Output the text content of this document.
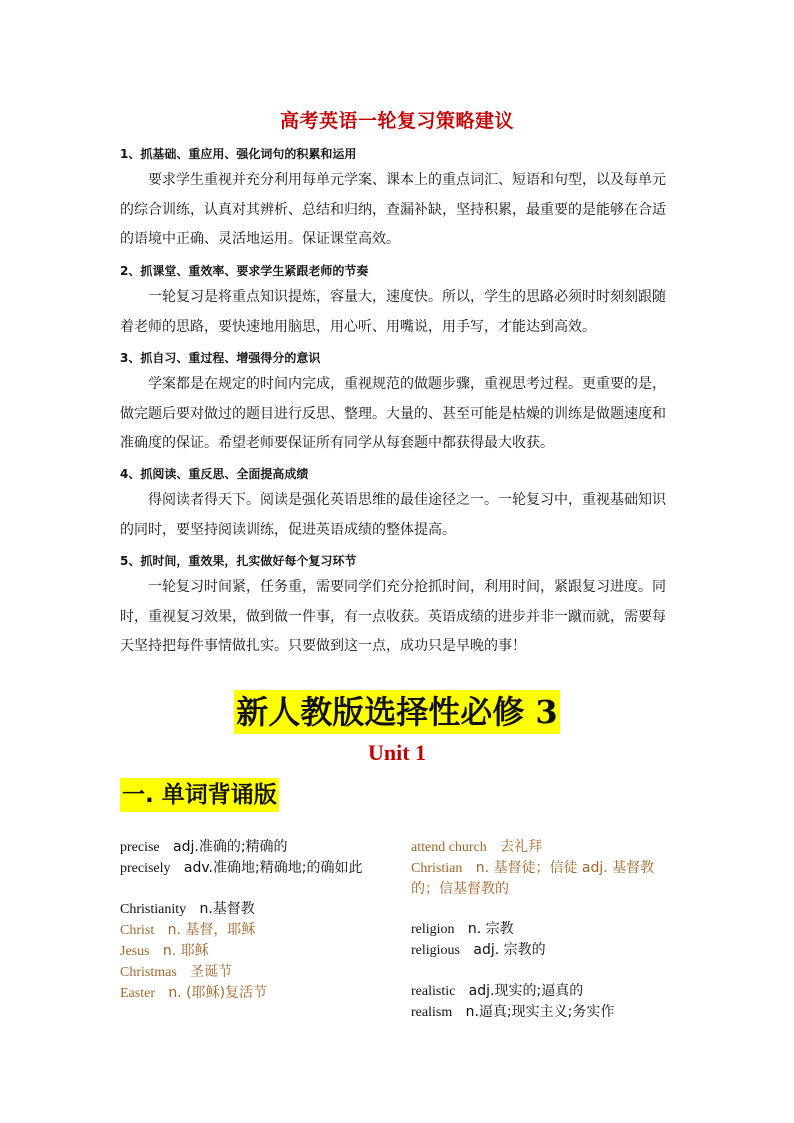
高考英语一轮复习策略建议
1、抓基础、重应用、强化词句的积累和运用

要求学生重视并充分利用每单元学案、课本上的重点词汇、短语和句型，以及每单元的综合训练，认真对其辨析、总结和归纳，查漏补缺，坚持积累，最重要的是能够在合适的语境中正确、灵活地运用。保证课堂高效。

2、抓课堂、重效率、要求学生紧跟老师的节奏

一轮复习是将重点知识提炼，容量大，速度快。所以，学生的思路必须时时刻刻跟随着老师的思路，要快速地用脑思，用心听、用嘴说，用手写，才能达到高效。

3、抓自习、重过程、增强得分的意识

学案都是在规定的时间内完成，重视规范的做题步骤，重视思考过程。更重要的是，做完题后要对做过的题目进行反思、整理。大量的、甚至可能是枯燥的训练是做题速度和准确度的保证。希望老师要保证所有同学从每套题中都获得最大收获。

4、抓阅读、重反思、全面提高成绩

得阅读者得天下。阅读是强化英语思维的最佳途径之一。一轮复习中，重视基础知识的同时，要坚持阅读训练，促进英语成绩的整体提高。

5、抓时间，重效果，扎实做好每个复习环节

一轮复习时间紧，任务重，需要同学们充分抢抓时间，利用时间，紧跟复习进度。同时，重视复习效果，做到做一件事，有一点收获。英语成绩的进步并非一蹴而就，需要每天坚持把每件事情做扎实。只要做到这一点，成功只是早晚的事！

新人教版选择性必修 3
Unit 1
一. 单词背诵版
precise adj.准确的;精确的
precisely adv.准确地;精确地;的确如此
Christianity n.基督教
Christ n. 基督，耶稣
Jesus n. 耶稣
Christmas 圣诞节
Easter n. (耶稣)复活节
attend church 去礼拜
Christian n. 基督徒；信徒 adj. 基督教的；信基督教的
religion n. 宗教
religious adj. 宗教的
realistic adj.现实的;逼真的
realism n.逼真;现实主义;务实作
